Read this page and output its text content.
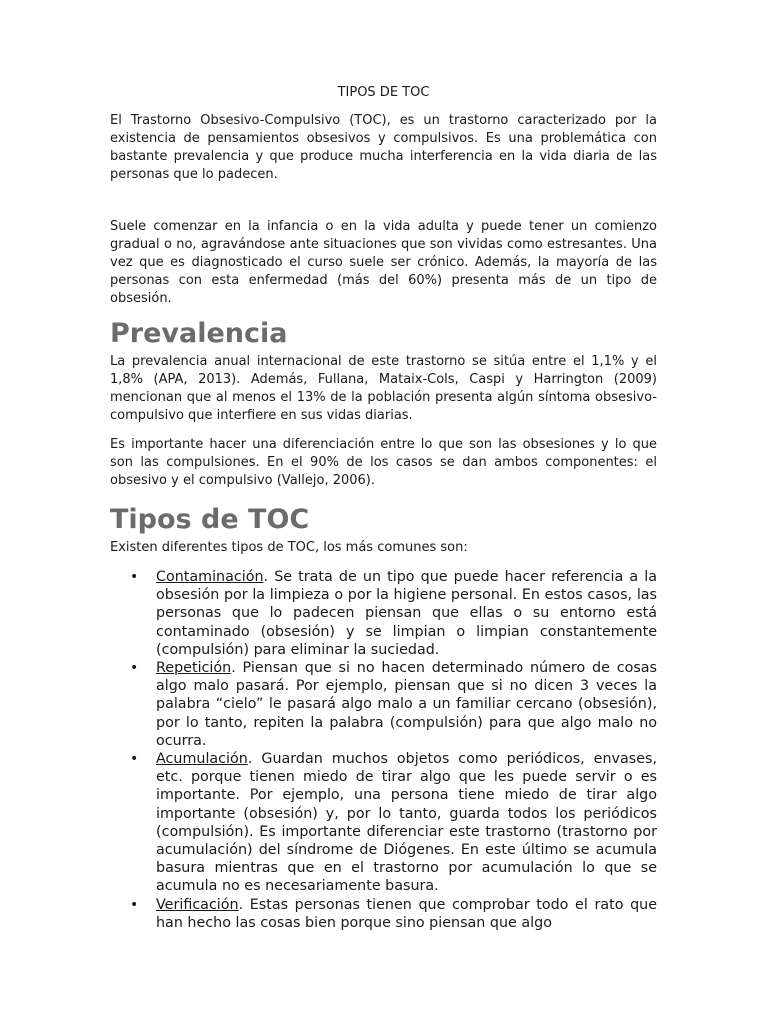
TIPOS DE TOC

El Trastorno Obsesivo-Compulsivo (TOC), es un trastorno caracterizado por la existencia de pensamientos obsesivos y compulsivos. Es una problemática con bastante prevalencia y que produce mucha interferencia en la vida diaria de las personas que lo padecen.

Suele comenzar en la infancia o en la vida adulta y puede tener un comienzo gradual o no, agravándose ante situaciones que son vividas como estresantes. Una vez que es diagnosticado el curso suele ser crónico. Además, la mayoría de las personas con esta enfermedad (más del 60%) presenta más de un tipo de obsesión.

Prevalencia

La prevalencia anual internacional de este trastorno se sitúa entre el 1,1% y el 1,8% (APA, 2013). Además, Fullana, Mataix-Cols, Caspi y Harrington (2009) mencionan que al menos el 13% de la población presenta algún síntoma obsesivo-compulsivo que interfiere en sus vidas diarias.

Es importante hacer una diferenciación entre lo que son las obsesiones y lo que son las compulsiones. En el 90% de los casos se dan ambos componentes: el obsesivo y el compulsivo (Vallejo, 2006).

Tipos de TOC

Existen diferentes tipos de TOC, los más comunes son:

• Contaminación. Se trata de un tipo que puede hacer referencia a la obsesión por la limpieza o por la higiene personal. En estos casos, las personas que lo padecen piensan que ellas o su entorno está contaminado (obsesión) y se limpian o limpian constantemente (compulsión) para eliminar la suciedad.
• Repetición. Piensan que si no hacen determinado número de cosas algo malo pasará. Por ejemplo, piensan que si no dicen 3 veces la palabra “cielo” le pasará algo malo a un familiar cercano (obsesión), por lo tanto, repiten la palabra (compulsión) para que algo malo no ocurra.
• Acumulación. Guardan muchos objetos como periódicos, envases, etc. porque tienen miedo de tirar algo que les puede servir o es importante. Por ejemplo, una persona tiene miedo de tirar algo importante (obsesión) y, por lo tanto, guarda todos los periódicos (compulsión). Es importante diferenciar este trastorno (trastorno por acumulación) del síndrome de Diógenes. En este último se acumula basura mientras que en el trastorno por acumulación lo que se acumula no es necesariamente basura.
• Verificación. Estas personas tienen que comprobar todo el rato que han hecho las cosas bien porque sino piensan que algo
